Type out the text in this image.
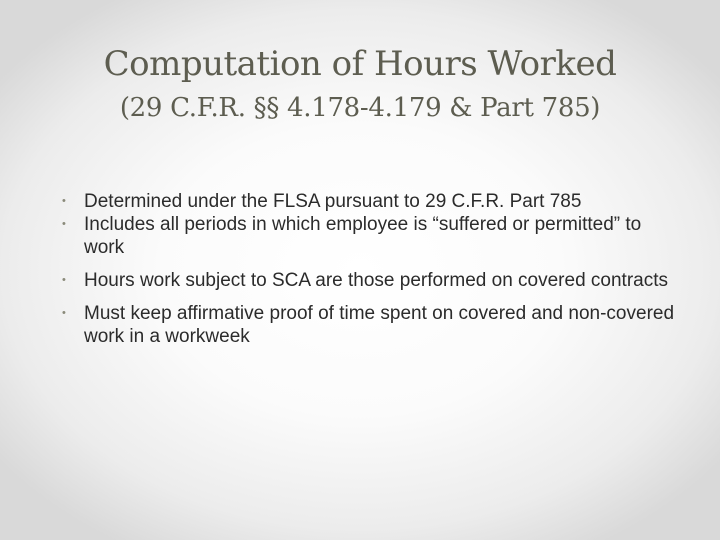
Computation of Hours Worked
(29 C.F.R. §§ 4.178-4.179 & Part 785)
• Determined under the FLSA pursuant to 29 C.F.R. Part 785
• Includes all periods in which employee is “suffered or permitted” to work
• Hours work subject to SCA are those performed on covered contracts
• Must keep affirmative proof of time spent on covered and non-covered work in a workweek
